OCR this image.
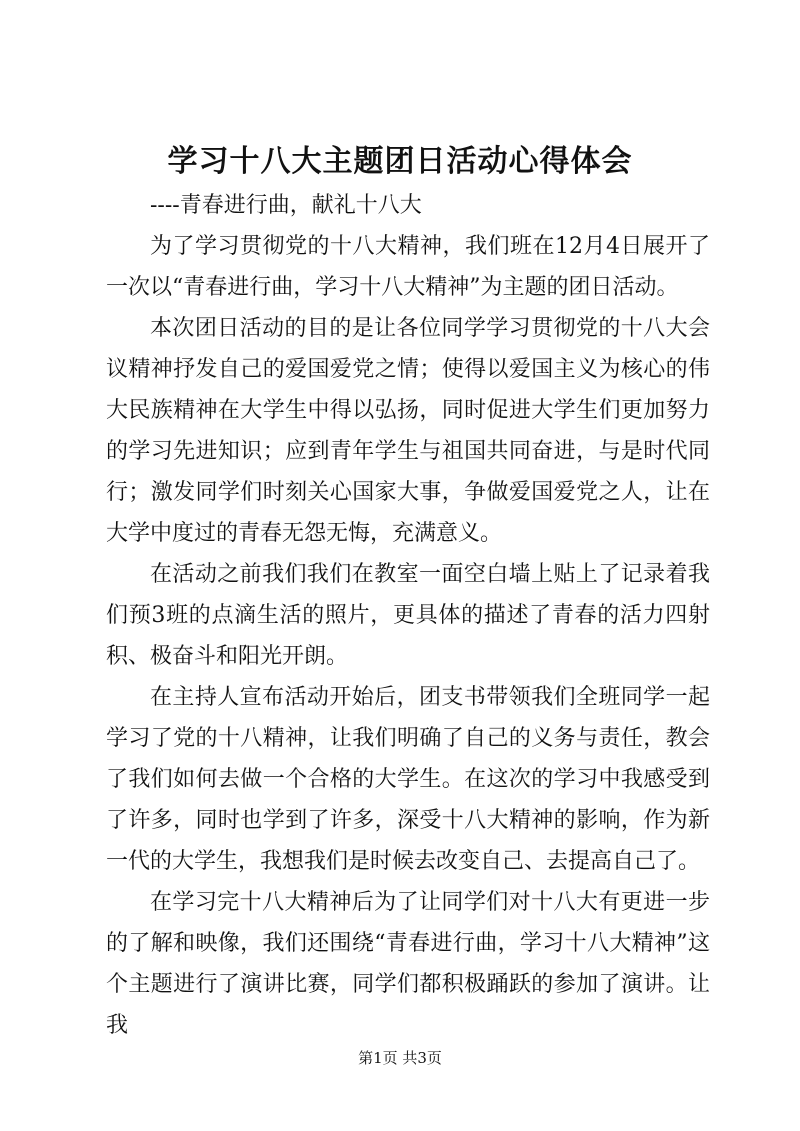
学习十八大主题团日活动心得体会

----青春进行曲，献礼十八大

为了学习贯彻党的十八大精神，我们班在12月4日展开了一次以“青春进行曲，学习十八大精神”为主题的团日活动。

本次团日活动的目的是让各位同学学习贯彻党的十八大会议精神抒发自己的爱国爱党之情；使得以爱国主义为核心的伟大民族精神在大学生中得以弘扬，同时促进大学生们更加努力的学习先进知识；应到青年学生与祖国共同奋进，与是时代同行；激发同学们时刻关心国家大事，争做爱国爱党之人，让在大学中度过的青春无怨无悔，充满意义。

在活动之前我们我们在教室一面空白墙上贴上了记录着我们预3班的点滴生活的照片，更具体的描述了青春的活力四射积、极奋斗和阳光开朗。

在主持人宣布活动开始后，团支书带领我们全班同学一起学习了党的十八精神，让我们明确了自己的义务与责任，教会了我们如何去做一个合格的大学生。在这次的学习中我感受到了许多，同时也学到了许多，深受十八大精神的影响，作为新一代的大学生，我想我们是时候去改变自己、去提高自己了。

在学习完十八大精神后为了让同学们对十八大有更进一步的了解和映像，我们还围绕“青春进行曲，学习十八大精神”这个主题进行了演讲比赛，同学们都积极踊跃的参加了演讲。让我

第1页 共3页
